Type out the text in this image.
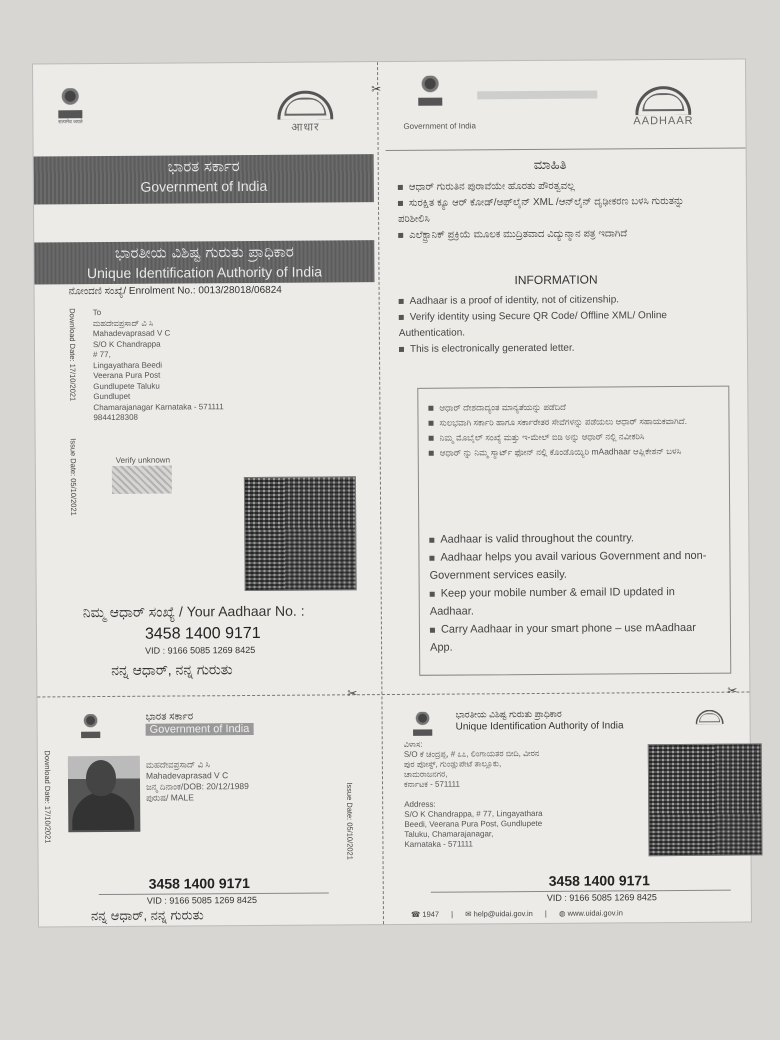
✂
✂	✂
सत्यमेव जयते	आधार
ಭಾರತ ಸರ್ಕಾರ
Government of India
ಭಾರತೀಯ ವಿಶಿಷ್ಟ ಗುರುತು ಪ್ರಾಧಿಕಾರ
Unique Identification Authority of India
ನೋಂದಣಿ ಸಂಖ್ಯೆ/ Enrolment No.: 0013/28018/06824
Download Date: 17/10/2021
Issue Date: 05/10/2021
To
ಮಹದೇವಪ್ರಸಾದ್ ವಿ ಸಿ
Mahadevaprasad V C
S/O K Chandrappa
# 77,
Lingayathara Beedi
Veerana Pura Post
Gundlupete Taluku
Gundlupet
Chamarajanagar Karnataka - 571111
9844128308
Verify unknown
ನಿಮ್ಮ ಆಧಾರ್ ಸಂಖ್ಯೆ / Your Aadhaar No. :
3458 1400 9171
VID : 9166 5085 1269 8425
ನನ್ನ ಆಧಾರ್, ನನ್ನ ಗುರುತು
Government of India	AADHAAR
ಮಾಹಿತಿ
ಆಧಾರ್ ಗುರುತಿನ ಪುರಾವೆಯೇ ಹೊರತು ಪೌರತ್ವವಲ್ಲ
ಸುರಕ್ಷಿತ ಕ್ಯೂ ಆರ್ ಕೋಡ್/ಆಫ್‌ಲೈನ್ XML /ಆನ್‌ಲೈನ್ ದೃಢೀಕರಣ ಬಳಸಿ ಗುರುತನ್ನು ಪರಿಶೀಲಿಸಿ
ಎಲೆಕ್ಟ್ರಾನಿಕ್ ಪ್ರಕ್ರಿಯೆ ಮೂಲಕ ಮುದ್ರಿತವಾದ ವಿದ್ಯುನ್ಮಾನ ಪತ್ರ ಇದಾಗಿದೆ
INFORMATION
Aadhaar is a proof of identity, not of citizenship.
Verify identity using Secure QR Code/ Offline XML/ Online Authentication.
This is electronically generated letter.
ಆಧಾರ್ ದೇಶದಾದ್ಯಂತ ಮಾನ್ಯತೆಯನ್ನು ಪಡೆದಿದೆ
ಸುಲಭವಾಗಿ ಸರ್ಕಾರಿ ಹಾಗೂ ಸರ್ಕಾರೇತರ ಸೇವೆಗಳನ್ನು ಪಡೆಯಲು ಆಧಾರ್ ಸಹಾಯಕವಾಗಿದೆ.
ನಿಮ್ಮ ಮೊಬೈಲ್ ಸಂಖ್ಯೆ ಮತ್ತು ಇ-ಮೇಲ್ ಐಡಿ ಅನ್ನು ಆಧಾರ್ ನಲ್ಲಿ ನವೀಕರಿಸಿ
ಆಧಾರ್ ನ್ನು ನಿಮ್ಮ ಸ್ಮಾರ್ಟ್ ಫೋನ್ ನಲ್ಲಿ ಕೊಂಡೊಯ್ಯಿರಿ mAadhaar ಆಪ್ಲಿಕೇಶನ್ ಬಳಸಿ
Aadhaar is valid throughout the country.
Aadhaar helps you avail various Government and non-Government services easily.
Keep your mobile number & email ID updated in Aadhaar.
Carry Aadhaar in your smart phone – use mAadhaar App.
ಭಾರತ ಸರ್ಕಾರ
Government of India
Download Date: 17/10/2021	Issue Date: 05/10/2021
ಮಹದೇವಪ್ರಸಾದ್ ವಿ ಸಿ
Mahadevaprasad V C
ಜನ್ಮ ದಿನಾಂಕ/DOB: 20/12/1989
ಪುರುಷ/ MALE
3458 1400 9171
VID : 9166 5085 1269 8425
ನನ್ನ ಆಧಾರ್, ನನ್ನ ಗುರುತು
ಭಾರತೀಯ ವಿಶಿಷ್ಟ ಗುರುತು ಪ್ರಾಧಿಕಾರ
Unique Identification Authority of India
ವಿಳಾಸ:
S/O ಕೆ ಚಂದ್ರಪ್ಪ, # ೭೭, ಲಿಂಗಾಯತರ ಬೀದಿ, ವೀರನ
ಪುರ ಪೋಸ್ಟ್, ಗುಂಡ್ಲುಪೇಟೆ ತಾಲ್ಲೂಕು,
ಚಾಮರಾಜನಗರ,
ಕರ್ನಾಟಕ - 571111
Address:
S/O K Chandrappa, # 77, Lingayathara
Beedi, Veerana Pura Post, Gundlupete
Taluku, Chamarajanagar,
Karnataka - 571111
3458 1400 9171
VID : 9166 5085 1269 8425
☎ 1947 | ✉ help@uidai.gov.in | ◍ www.uidai.gov.in
